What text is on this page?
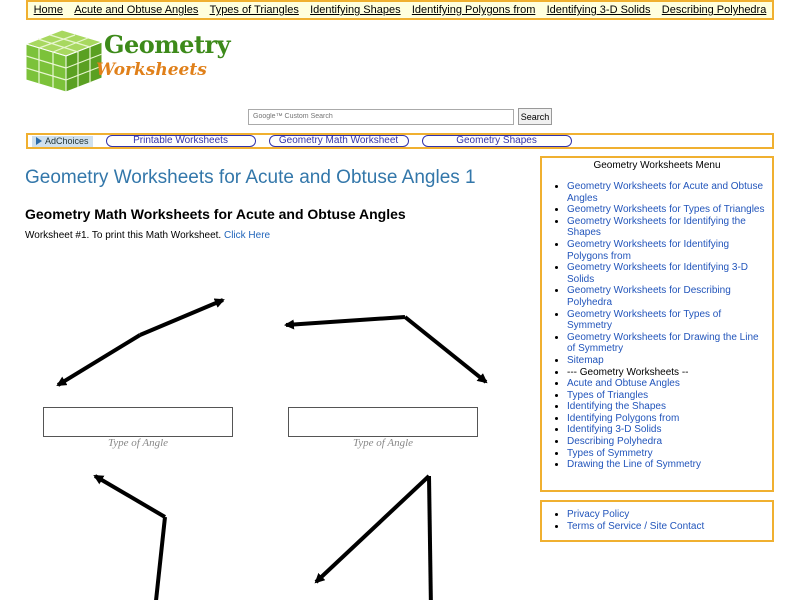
Home Acute and Obtuse Angles Types of Triangles Identifying Shapes Identifying Polygons from Identifying 3-D Solids Describing Polyhedra
Geometry
Worksheets
Google™ Custom Search
Search
AdChoices	Printable Worksheets	Geometry Math Worksheet	Geometry Shapes
Geometry Worksheets for Acute and Obtuse Angles 1
Geometry Math Worksheets for Acute and Obtuse Angles
Worksheet #1. To print this Math Worksheet. Click Here
Type of Angle	Type of Angle
Geometry Worksheets Menu
• Geometry Worksheets for Acute and Obtuse Angles
• Geometry Worksheets for Types of Triangles
• Geometry Worksheets for Identifying the Shapes
• Geometry Worksheets for Identifying Polygons from
• Geometry Worksheets for Identifying 3-D Solids
• Geometry Worksheets for Describing Polyhedra
• Geometry Worksheets for Types of Symmetry
• Geometry Worksheets for Drawing the Line of Symmetry
• Sitemap
• --- Geometry Worksheets --
• Acute and Obtuse Angles
• Types of Triangles
• Identifying the Shapes
• Identifying Polygons from
• Identifying 3-D Solids
• Describing Polyhedra
• Types of Symmetry
• Drawing the Line of Symmetry
• Privacy Policy
• Terms of Service / Site Contact
